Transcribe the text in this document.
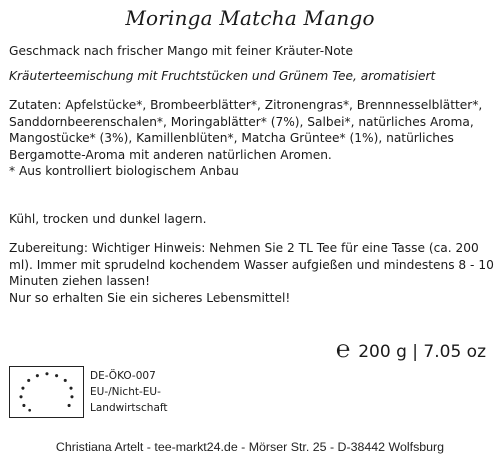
Moringa Matcha Mango
Geschmack nach frischer Mango mit feiner Kräuter-Note
Kräuterteemischung mit Fruchtstücken und Grünem Tee, aromatisiert
Zutaten: Apfelstücke*, Brombeerblätter*, Zitronengras*, Brennnesselblätter*, Sanddornbeerenschalen*, Moringablätter* (7%), Salbei*, natürliches Aroma, Mangostücke* (3%), Kamillenblüten*, Matcha Grüntee* (1%), natürliches Bergamotte-Aroma mit anderen natürlichen Aromen.
* Aus kontrolliert biologischem Anbau
Kühl, trocken und dunkel lagern.
Zubereitung: Wichtiger Hinweis: Nehmen Sie 2 TL Tee für eine Tasse (ca. 200 ml). Immer mit sprudelnd kochendem Wasser aufgießen und mindestens 8 - 10 Minuten ziehen lassen!
Nur so erhalten Sie ein sicheres Lebensmittel!
℮ 200 g | 7.05 oz
DE-ÖKO-007
EU-/Nicht-EU-
Landwirtschaft
Christiana Artelt - tee-markt24.de - Mörser Str. 25 - D-38442 Wolfsburg
